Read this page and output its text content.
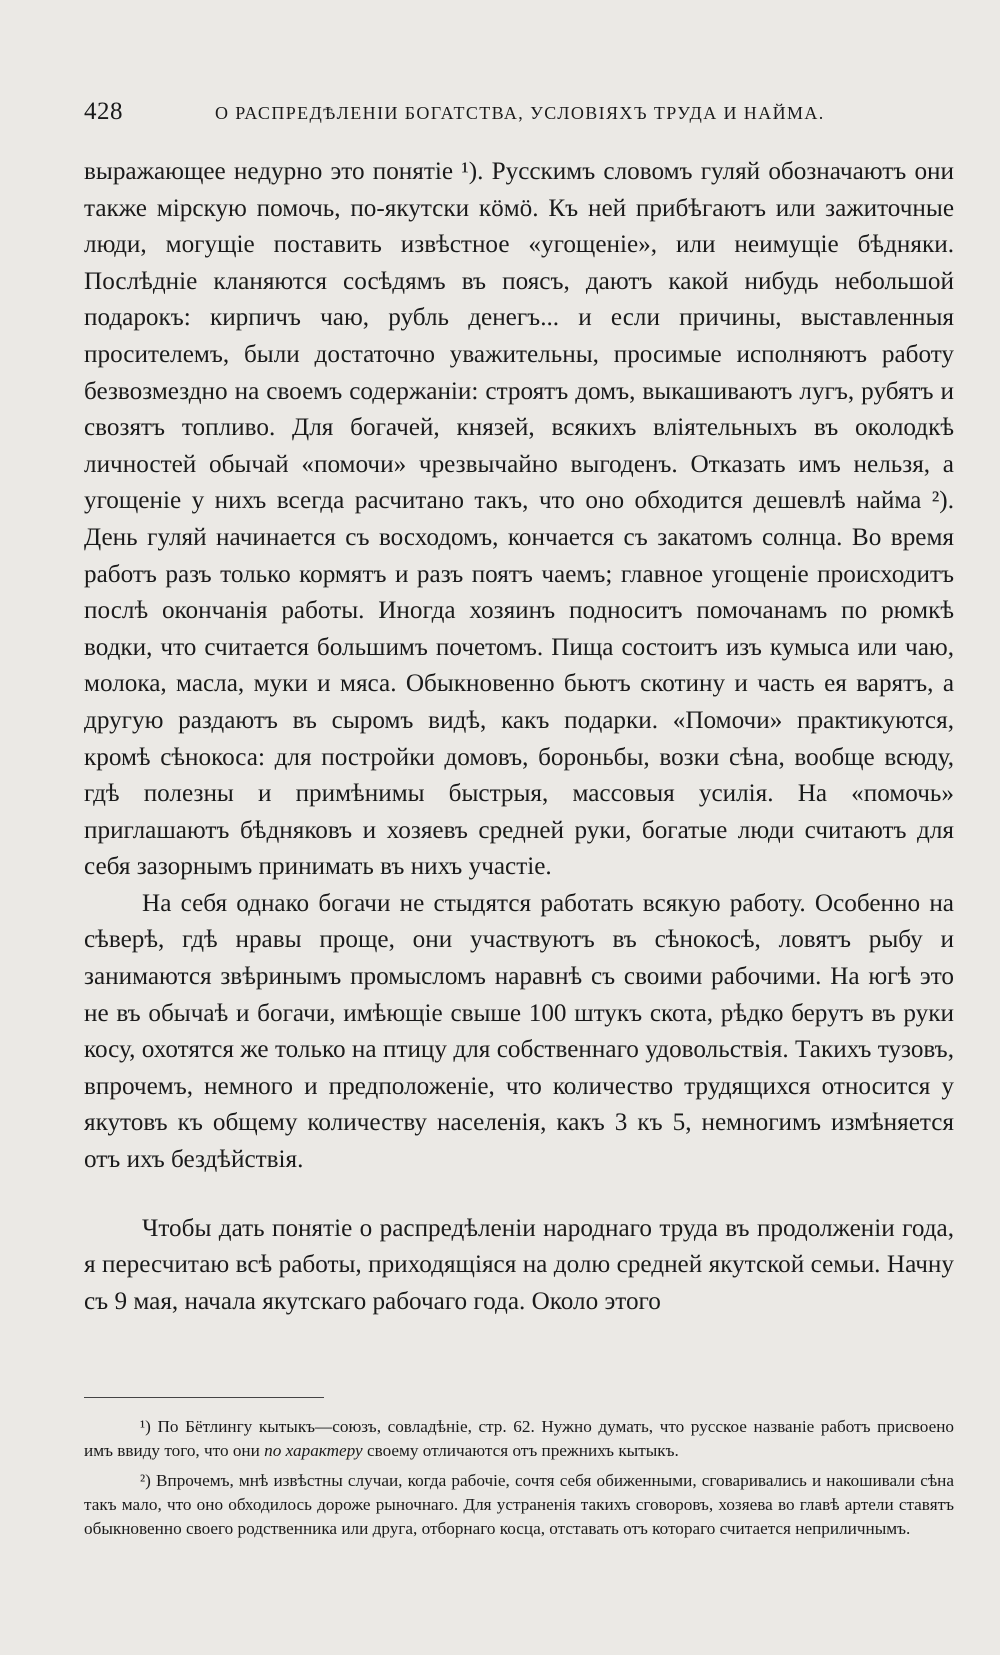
428	О РАСПРЕДѢЛЕНІИ БОГАТСТВА, УСЛОВІЯХЪ ТРУДА И НАЙМА.

выражающее недурно это понятіе ¹). Русскимъ словомъ гуляй обозначаютъ они также мірскую помочь, по-якутски кöмö. Къ ней прибѣгаютъ или зажиточные люди, могущіе поставить извѣстное «угощеніе», или неимущіе бѣдняки. Послѣдніе кланяются сосѣдямъ въ поясъ, даютъ какой нибудь небольшой подарокъ: кирпичъ чаю, рубль денегъ... и если причины, выставленныя просителемъ, были достаточно уважительны, просимые исполняютъ работу безвозмездно на своемъ содержаніи: строятъ домъ, выкашиваютъ лугъ, рубятъ и свозятъ топливо. Для богачей, князей, всякихъ вліятельныхъ въ околодкѣ личностей обычай «помочи» чрезвычайно выгоденъ. Отказать имъ нельзя, а угощеніе у нихъ всегда расчитано такъ, что оно обходится дешевлѣ найма ²). День гуляй начинается съ восходомъ, кончается съ закатомъ солнца. Во время работъ разъ только кормятъ и разъ поятъ чаемъ; главное угощеніе происходитъ послѣ окончанія работы. Иногда хозяинъ подноситъ помочанамъ по рюмкѣ водки, что считается большимъ почетомъ. Пища состоитъ изъ кумыса или чаю, молока, масла, муки и мяса. Обыкновенно бьютъ скотину и часть ея варятъ, а другую раздаютъ въ сыромъ видѣ, какъ подарки. «Помочи» практикуются, кромѣ сѣнокоса: для постройки домовъ, бороньбы, возки сѣна, вообще всюду, гдѣ полезны и примѣнимы быстрыя, массовыя усилія. На «помочь» приглашаютъ бѣдняковъ и хозяевъ средней руки, богатые люди считаютъ для себя зазорнымъ принимать въ нихъ участіе.

На себя однако богачи не стыдятся работать всякую работу. Особенно на сѣверѣ, гдѣ нравы проще, они участвуютъ въ сѣнокосѣ, ловятъ рыбу и занимаются звѣринымъ промысломъ наравнѣ съ своими рабочими. На югѣ это не въ обычаѣ и богачи, имѣющіе свыше 100 штукъ скота, рѣдко берутъ въ руки косу, охотятся же только на птицу для собственнаго удовольствія. Такихъ тузовъ, впрочемъ, немного и предположеніе, что количество трудящихся относится у якутовъ къ общему количеству населенія, какъ 3 къ 5, немногимъ измѣняется отъ ихъ бездѣйствія.

Чтобы дать понятіе о распредѣленіи народнаго труда въ продолженіи года, я пересчитаю всѣ работы, приходящіяся на долю средней якутской семьи. Начну съ 9 мая, начала якутскаго рабочаго года. Около этого

¹) По Бётлингу кытыкъ—союзъ, совладѣніе, стр. 62. Нужно думать, что русское названіе работъ присвоено имъ ввиду того, что они по характеру своему отличаются отъ прежнихъ кытыкъ.

²) Впрочемъ, мнѣ извѣстны случаи, когда рабочіе, сочтя себя обиженными, сговаривались и накошивали сѣна такъ мало, что оно обходилось дороже рыночнаго. Для устраненія такихъ сговоровъ, хозяева во главѣ артели ставятъ обыкновенно своего родственника или друга, отборнаго косца, отставать отъ котораго считается неприличнымъ.
